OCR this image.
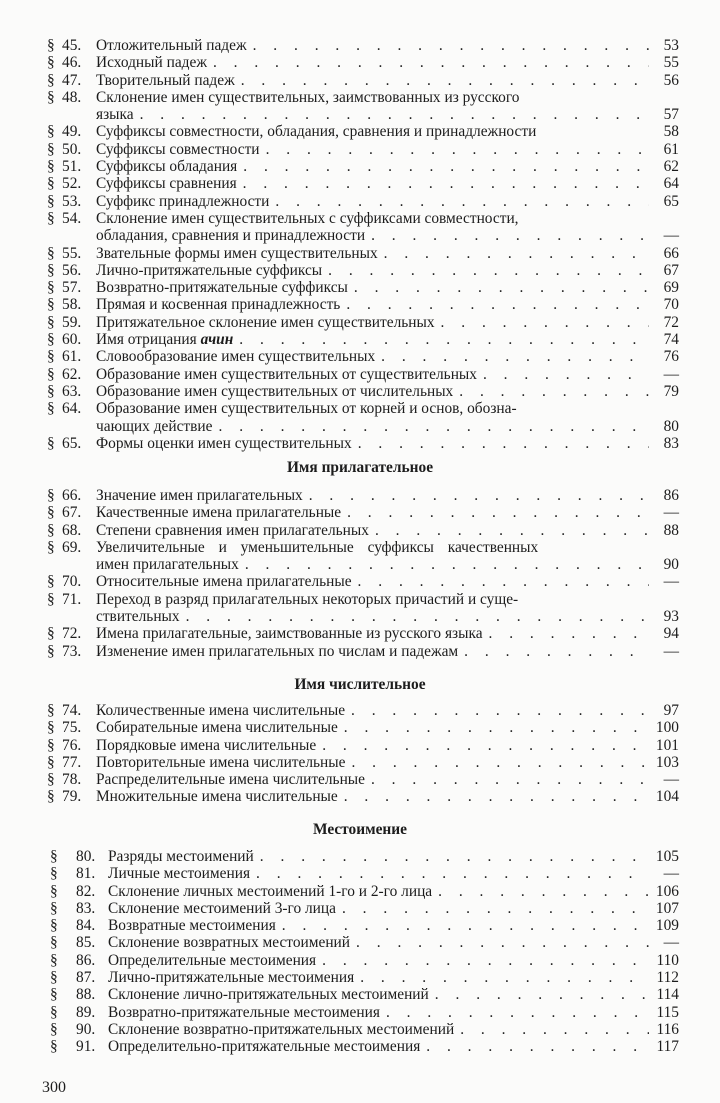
§ 45. Отложительный падеж . . .	53
§ 46. Исходный падеж . . .	55
§ 47. Творительный падеж . . .	56
§ 48. Склонение имен существительных, заимствованных из русского
языка . . .	57
§ 49. Суффиксы совместности, обладания, сравнения и принадлежности	58
§ 50. Суффиксы совместности . . .	61
§ 51. Суффиксы обладания . . .	62
§ 52. Суффиксы сравнения . . .	64
§ 53. Суффикс принадлежности . . .	65
§ 54. Склонение имен существительных с суффиксами совместности,
обладания, сравнения и принадлежности . . .	—
§ 55. Звательные формы имен существительных . . .	66
§ 56. Лично-притяжательные суффиксы . . .	67
§ 57. Возвратно-притяжательные суффиксы . . .	69
§ 58. Прямая и косвенная принадлежность . . .	70
§ 59. Притяжательное склонение имен существительных . . .	72
§ 60. Имя отрицания ачин . . .	74
§ 61. Словообразование имен существительных . . .	76
§ 62. Образование имен существительных от существительных . . .	—
§ 63. Образование имен существительных от числительных . . .	79
§ 64. Образование имен существительных от корней и основ, обозна-
чающих действие . . .	80
§ 65. Формы оценки имен существительных . . .	83
Имя прилагательное
§ 66. Значение имен прилагательных . . .	86
§ 67. Качественные имена прилагательные . . .	—
§ 68. Степени сравнения имен прилагательных . . .	88
§ 69. Увеличительные и уменьшительные суффиксы качественных
имен прилагательных . . .	90
§ 70. Относительные имена прилагательные . . .	—
§ 71. Переход в разряд прилагательных некоторых причастий и суще-
ствительных . . .	93
§ 72. Имена прилагательные, заимствованные из русского языка . . .	94
§ 73. Изменение имен прилагательных по числам и падежам . . .	—
Имя числительное
§ 74. Количественные имена числительные . . .	97
§ 75. Собирательные имена числительные . . .	100
§ 76. Порядковые имена числительные . . .	101
§ 77. Повторительные имена числительные . . .	103
§ 78. Распределительные имена числительные . . .	—
§ 79. Множительные имена числительные . . .	104
Местоимение
§ 80. Разряды местоимений . . .	105
§ 81. Личные местоимения . . .	—
§ 82. Склонение личных местоимений 1-го и 2-го лица . . .	106
§ 83. Склонение местоимений 3-го лица . . .	107
§ 84. Возвратные местоимения . . .	109
§ 85. Склонение возвратных местоимений . . .	—
§ 86. Определительные местоимения . . .	110
§ 87. Лично-притяжательные местоимения . . .	112
§ 88. Склонение лично-притяжательных местоимений . . .	114
§ 89. Возвратно-притяжательные местоимения . . .	115
§ 90. Склонение возвратно-притяжательных местоимений . . .	116
§ 91. Определительно-притяжательные местоимения . . .	117
300
